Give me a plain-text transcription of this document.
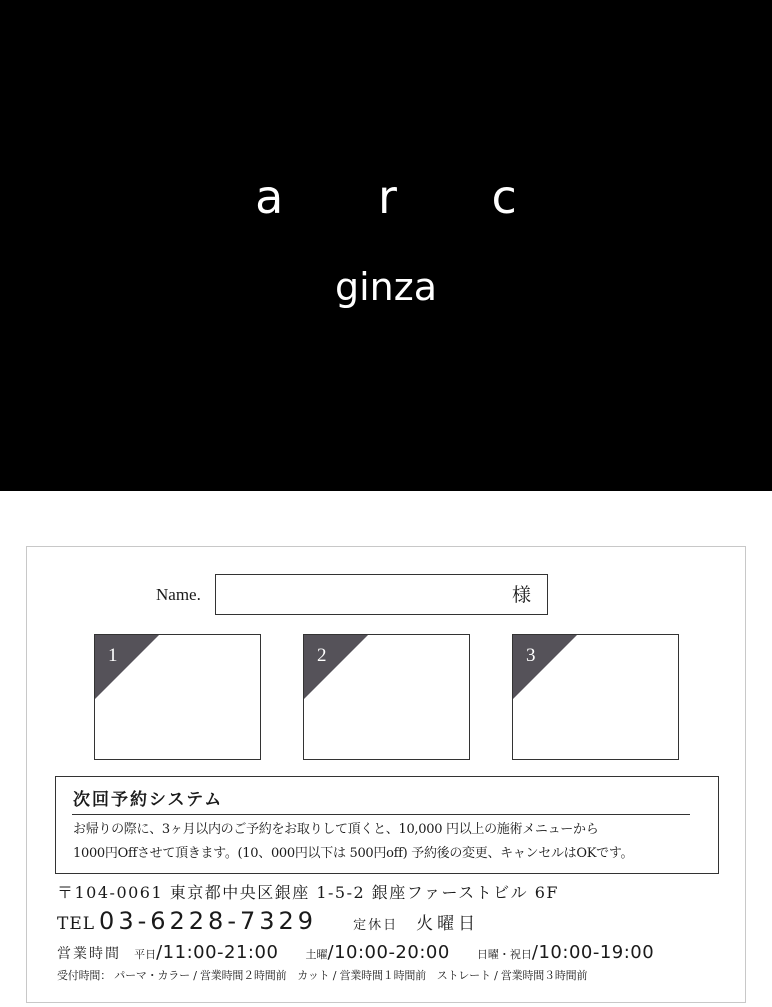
a r c
ginza
Name.	様
1	2	3
次回予約システム
お帰りの際に、3ヶ月以内のご予約をお取りして頂くと、10,000 円以上の施術メニューから
1000円Offさせて頂きます。(10、000円以下は 500円off) 予約後の変更、キャンセルはOKです。
〒104-0061 東京都中央区銀座 1-5-2 銀座ファーストビル 6F
TEL 03-6228-7329	定休日 火曜日
営業時間 平日/11:00-21:00 土曜/10:00-20:00 日曜・祝日/10:00-19:00
受付時間： パーマ・カラー / 営業時間２時間前　カット / 営業時間１時間前　ストレート / 営業時間３時間前
